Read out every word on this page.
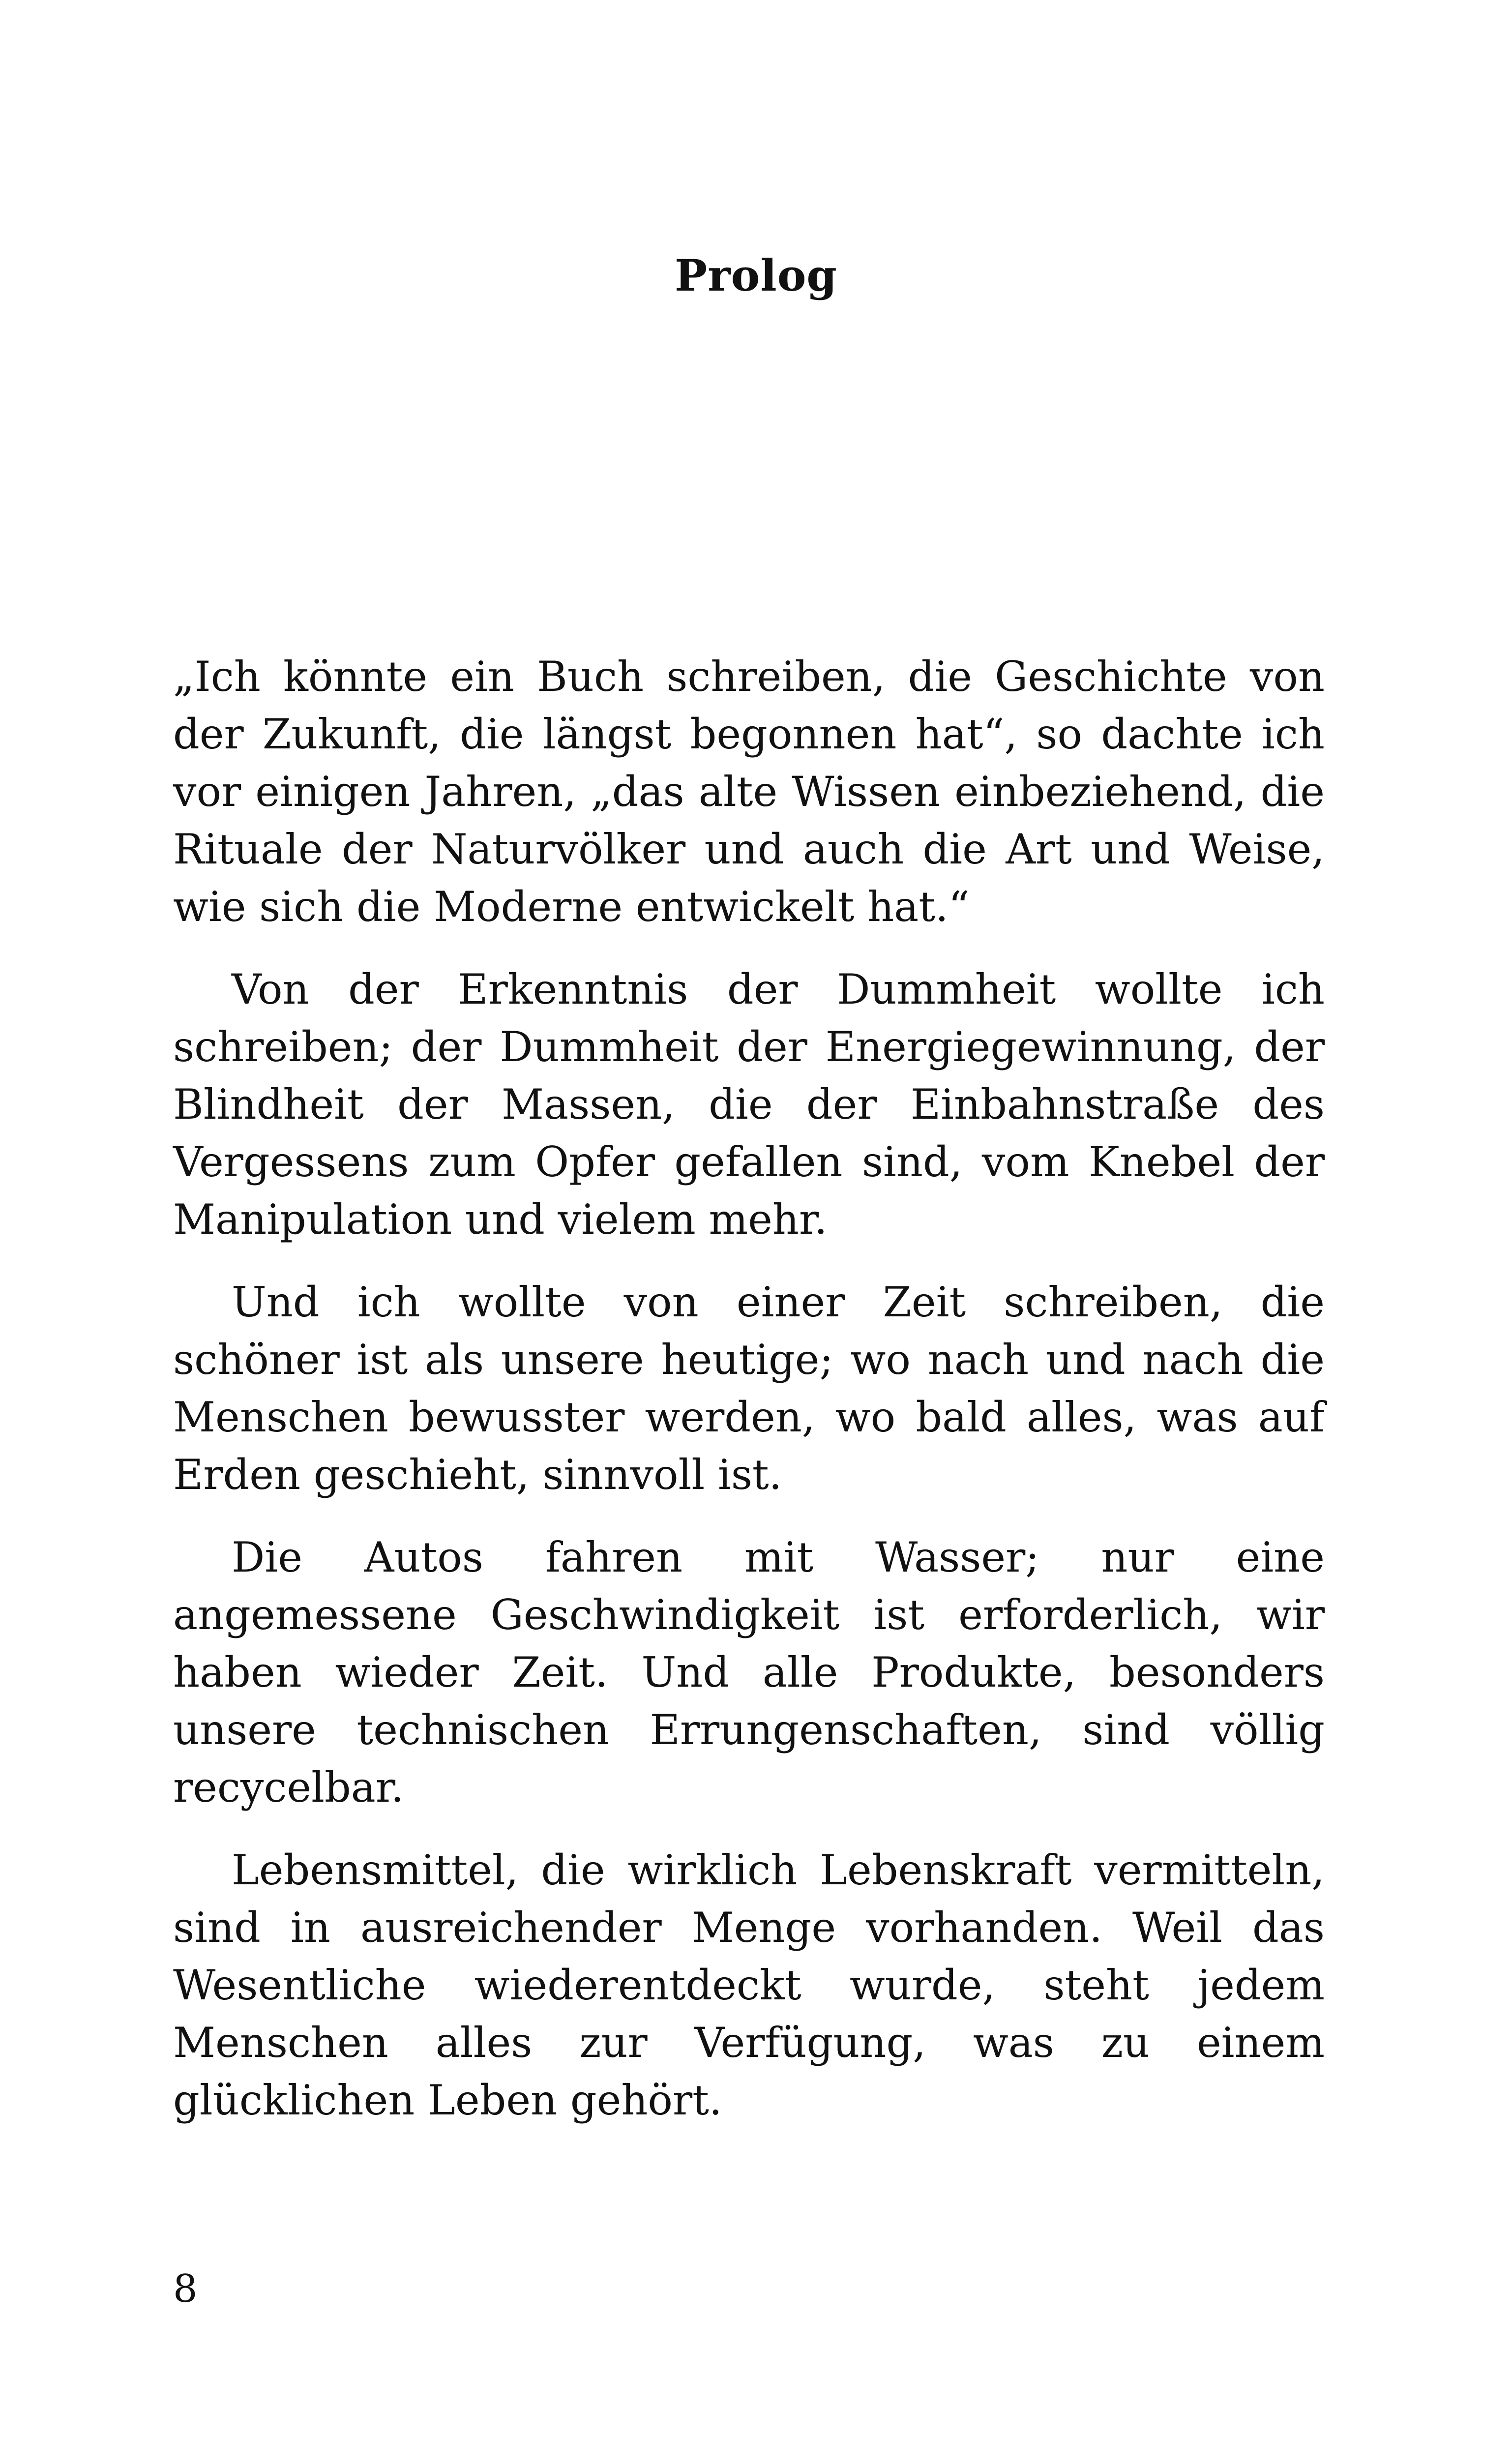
Prolog

„Ich könnte ein Buch schreiben, die Geschichte von der Zukunft, die längst begonnen hat“, so dachte ich vor einigen Jahren, „das alte Wissen einbeziehend, die Rituale der Naturvölker und auch die Art und Weise, wie sich die Moderne entwickelt hat.“

Von der Erkenntnis der Dummheit wollte ich schreiben; der Dummheit der Energiegewinnung, der Blindheit der Massen, die der Einbahnstraße des Vergessens zum Opfer gefallen sind, vom Knebel der Manipulation und vielem mehr.

Und ich wollte von einer Zeit schreiben, die schöner ist als unsere heutige; wo nach und nach die Menschen bewusster werden, wo bald alles, was auf Erden geschieht, sinnvoll ist.

Die Autos fahren mit Wasser; nur eine angemessene Geschwindigkeit ist erforderlich, wir haben wieder Zeit. Und alle Produkte, besonders unsere technischen Errungenschaften, sind völlig recycelbar.

Lebensmittel, die wirklich Lebenskraft vermitteln, sind in ausreichender Menge vorhanden. Weil das Wesentliche wiederentdeckt wurde, steht jedem Menschen alles zur Verfügung, was zu einem glücklichen Leben gehört.

8
